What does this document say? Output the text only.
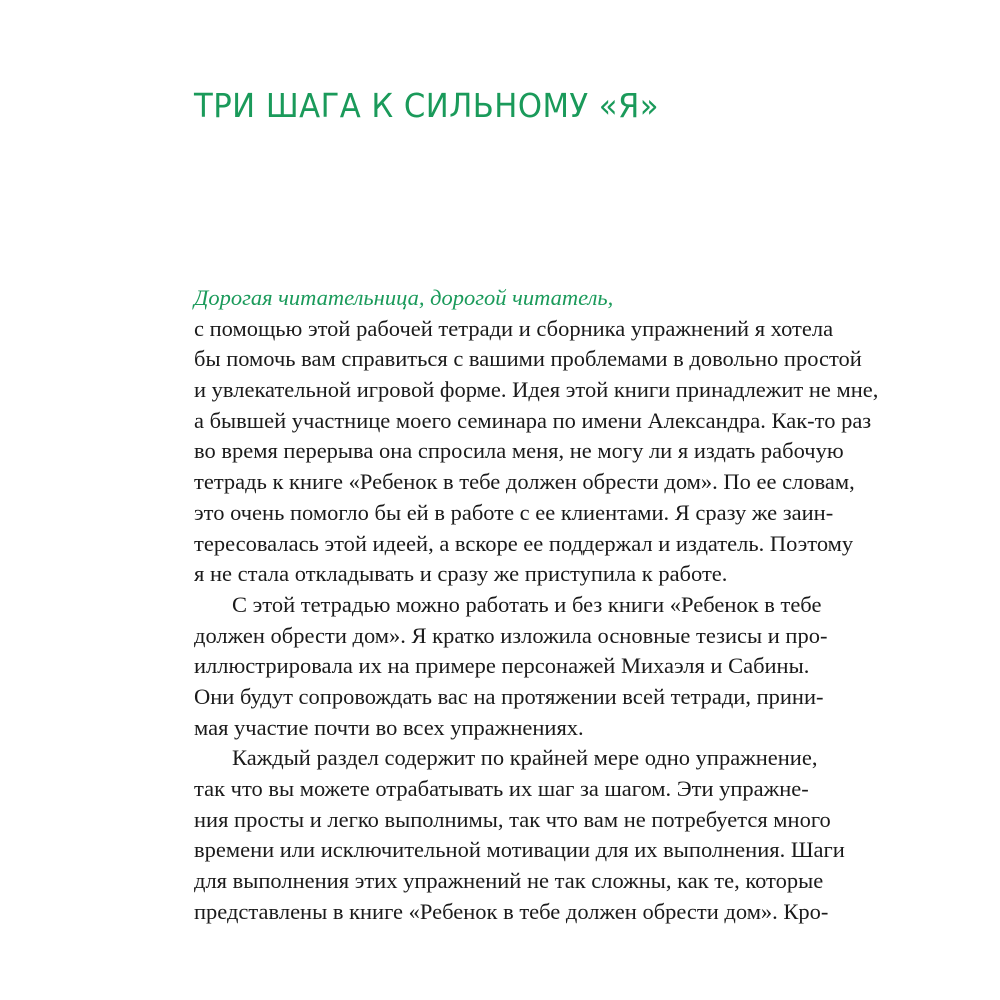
ТРИ ШАГА К СИЛЬНОМУ «Я»
Дорогая читательница, дорогой читатель,
с помощью этой рабочей тетради и сборника упражнений я хотела
бы помочь вам справиться с вашими проблемами в довольно простой
и увлекательной игровой форме. Идея этой книги принадлежит не мне,
а бывшей участнице моего семинара по имени Александра. Как-то раз
во время перерыва она спросила меня, не могу ли я издать рабочую
тетрадь к книге «Ребенок в тебе должен обрести дом». По ее словам,
это очень помогло бы ей в работе с ее клиентами. Я сразу же заин-
тересовалась этой идеей, а вскоре ее поддержал и издатель. Поэтому
я не стала откладывать и сразу же приступила к работе.
С этой тетрадью можно работать и без книги «Ребенок в тебе
должен обрести дом». Я кратко изложила основные тезисы и про-
иллюстрировала их на примере персонажей Михаэля и Сабины.
Они будут сопровождать вас на протяжении всей тетради, прини-
мая участие почти во всех упражнениях.
Каждый раздел содержит по крайней мере одно упражнение,
так что вы можете отрабатывать их шаг за шагом. Эти упражне-
ния просты и легко выполнимы, так что вам не потребуется много
времени или исключительной мотивации для их выполнения. Шаги
для выполнения этих упражнений не так сложны, как те, которые
представлены в книге «Ребенок в тебе должен обрести дом». Кро-
